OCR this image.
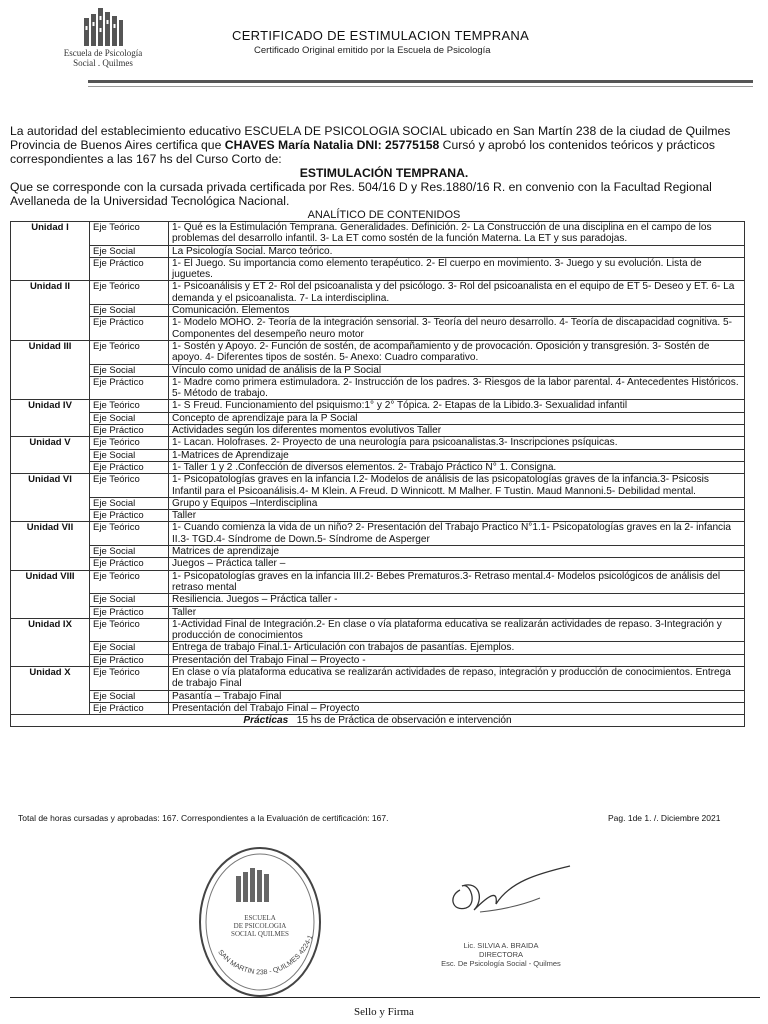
Escuela de Psicología
Social . Quilmes
CERTIFICADO DE ESTIMULACION TEMPRANA
Certificado Original emitido por la Escuela de Psicología

La autoridad del establecimiento educativo ESCUELA DE PSICOLOGIA SOCIAL ubicado en San Martín 238 de la ciudad de Quilmes Provincia de Buenos Aires certifica que CHAVES María Natalia DNI: 25775158 Cursó y aprobó los contenidos teóricos y prácticos correspondientes a las 167 hs del Curso Corto de:

ESTIMULACIÓN TEMPRANA.

Que se corresponde con la cursada privada certificada por Res. 504/16 D y Res.1880/16 R. en convenio con la Facultad Regional Avellaneda de la Universidad Tecnológica Nacional.

ANALÍTICO DE CONTENIDOS
Unidad I	Eje Teórico	1- Qué es la Estimulación Temprana. Generalidades. Definición. 2- La Construcción de una disciplina en el campo de los problemas del desarrollo infantil. 3- La ET como sostén de la función Materna. La ET y sus paradojas.
	Eje Social	La Psicología Social. Marco teórico.
	Eje Práctico	1- El Juego. Su importancia como elemento terapéutico. 2- El cuerpo en movimiento. 3- Juego y su evolución. Lista de juguetes.
Unidad II	Eje Teórico	1- Psicoanálisis y ET 2- Rol del psicoanalista y del psicólogo. 3- Rol del psicoanalista en el equipo de ET 5- Deseo y ET. 6- La demanda y el psicoanalista. 7- La interdisciplina.
	Eje Social	Comunicación. Elementos
	Eje Práctico	1- Modelo MOHO. 2- Teoría de la integración sensorial. 3- Teoría del neuro desarrollo. 4- Teoría de discapacidad cognitiva. 5- Componentes del desempeño neuro motor
Unidad III	Eje Teórico	1- Sostén y Apoyo. 2- Función de sostén, de acompañamiento y de provocación. Oposición y transgresión. 3- Sostén de apoyo. 4- Diferentes tipos de sostén. 5- Anexo: Cuadro comparativo.
	Eje Social	Vínculo como unidad de análisis de la P Social
	Eje Práctico	1- Madre como primera estimuladora. 2- Instrucción de los padres. 3- Riesgos de la labor parental. 4- Antecedentes Históricos. 5- Método de trabajo.
Unidad IV	Eje Teórico	1- S Freud. Funcionamiento del psiquismo:1° y 2° Tópica. 2- Etapas de la Libido.3- Sexualidad infantil
	Eje Social	Concepto de aprendizaje para la P Social
	Eje Práctico	Actividades según los diferentes momentos evolutivos Taller
Unidad V	Eje Teórico	1- Lacan. Holofrases. 2- Proyecto de una neurología para psicoanalistas.3- Inscripciones psíquicas.
	Eje Social	1-Matrices de Aprendizaje
	Eje Práctico	1- Taller 1 y 2 .Confección de diversos elementos. 2- Trabajo Práctico N° 1. Consigna.
Unidad VI	Eje Teórico	1- Psicopatologías graves en la infancia I.2- Modelos de análisis de las psicopatologías graves de la infancia.3- Psicosis Infantil para el Psicoanálisis.4- M Klein. A Freud. D Winnicott. M Malher. F Tustin. Maud Mannoni.5- Debilidad mental.
	Eje Social	Grupo y Equipos –Interdisciplina
	Eje Práctico	Taller
Unidad VII	Eje Teórico	1- Cuando comienza la vida de un niño? 2- Presentación del Trabajo Practico N°1.1- Psicopatologías graves en la 2- infancia II.3- TGD.4- Síndrome de Down.5- Síndrome de Asperger
	Eje Social	Matrices de aprendizaje
	Eje Práctico	Juegos – Práctica taller –
Unidad VIII	Eje Teórico	1- Psicopatologías graves en la infancia III.2- Bebes Prematuros.3- Retraso mental.4- Modelos psicológicos de análisis del retraso mental
	Eje Social	Resiliencia. Juegos – Práctica taller -
	Eje Práctico	Taller
Unidad IX	Eje Teórico	1-Actividad Final de Integración.2- En clase o vía plataforma educativa se realizarán actividades de repaso. 3-Integración y producción de conocimientos
	Eje Social	Entrega de trabajo Final.1- Articulación con trabajos de pasantías. Ejemplos.
	Eje Práctico	Presentación del Trabajo Final – Proyecto -
Unidad X	Eje Teórico	En clase o vía plataforma educativa se realizarán actividades de repaso, integración y producción de conocimientos. Entrega de trabajo Final
	Eje Social	Pasantía – Trabajo Final
	Eje Práctico	Presentación del Trabajo Final – Proyecto
Prácticas 15 hs de Práctica de observación e intervención		
Total de horas cursadas y aprobadas: 167. Correspondientes a la Evaluación de certificación: 167.	Pag. 1de 1. /. Diciembre 2021
ESCUELA
DE PSICOLOGIA
SOCIAL QUILMES
SAN MARTIN 238 - QUILMES 4224-1
Lic. SILVIA A. BRAIDA
DIRECTORA
Esc. De Psicología Social - Quilmes
Sello y Firma
